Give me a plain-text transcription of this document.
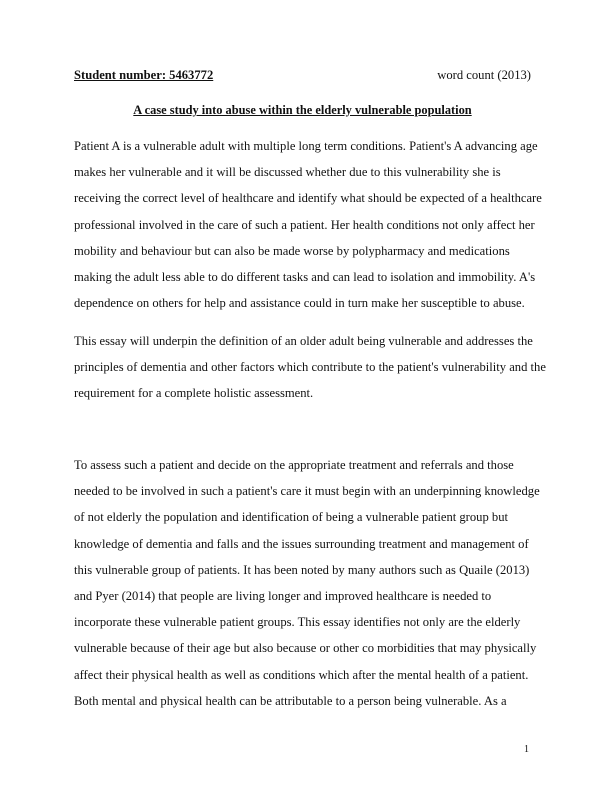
Student number: 5463772	word count (2013)
A case study into abuse within the elderly vulnerable population

Patient A is a vulnerable adult with multiple long term conditions. Patient's A advancing age
makes her vulnerable and it will be discussed whether due to this vulnerability she is
receiving the correct level of healthcare and identify what should be expected of a healthcare
professional involved in the care of such a patient. Her health conditions not only affect her
mobility and behaviour but can also be made worse by polypharmacy and medications
making the adult less able to do different tasks and can lead to isolation and immobility. A's
dependence on others for help and assistance could in turn make her susceptible to abuse.

This essay will underpin the definition of an older adult being vulnerable and addresses the
principles of dementia and other factors which contribute to the patient's vulnerability and the
requirement for a complete holistic assessment.

To assess such a patient and decide on the appropriate treatment and referrals and those
needed to be involved in such a patient's care it must begin with an underpinning knowledge
of not elderly the population and identification of being a vulnerable patient group but
knowledge of dementia and falls and the issues surrounding treatment and management of
this vulnerable group of patients. It has been noted by many authors such as Quaile (2013)
and Pyer (2014) that people are living longer and improved healthcare is needed to
incorporate these vulnerable patient groups. This essay identifies not only are the elderly
vulnerable because of their age but also because or other co morbidities that may physically
affect their physical health as well as conditions which after the mental health of a patient.
Both mental and physical health can be attributable to a person being vulnerable. As a

1
